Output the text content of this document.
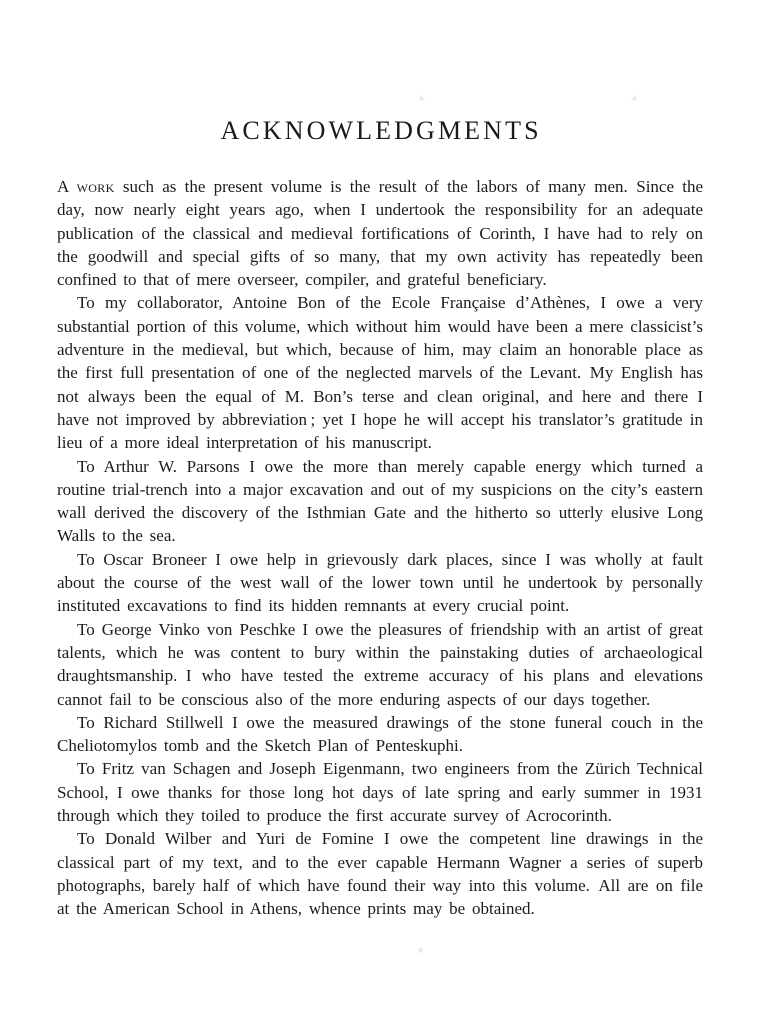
ACKNOWLEDGMENTS

A work such as the present volume is the result of the labors of many men. Since the day, now nearly eight years ago, when I undertook the responsibility for an adequate publication of the classical and medieval fortifications of Corinth, I have had to rely on the goodwill and special gifts of so many, that my own activity has repeatedly been confined to that of mere overseer, compiler, and grateful beneficiary.

To my collaborator, Antoine Bon of the Ecole Française d’Athènes, I owe a very substantial portion of this volume, which without him would have been a mere classicist’s adventure in the medieval, but which, because of him, may claim an honorable place as the first full presentation of one of the neglected marvels of the Levant. My English has not always been the equal of M. Bon’s terse and clean original, and here and there I have not improved by abbreviation ; yet I hope he will accept his translator’s gratitude in lieu of a more ideal interpretation of his manuscript.

To Arthur W. Parsons I owe the more than merely capable energy which turned a routine trial-trench into a major excavation and out of my suspicions on the city’s eastern wall derived the discovery of the Isthmian Gate and the hitherto so utterly elusive Long Walls to the sea.

To Oscar Broneer I owe help in grievously dark places, since I was wholly at fault about the course of the west wall of the lower town until he undertook by personally instituted excavations to find its hidden remnants at every crucial point.

To George Vinko von Peschke I owe the pleasures of friendship with an artist of great talents, which he was content to bury within the painstaking duties of archaeological draughtsmanship. I who have tested the extreme accuracy of his plans and elevations cannot fail to be conscious also of the more enduring aspects of our days together.

To Richard Stillwell I owe the measured drawings of the stone funeral couch in the Cheliotomylos tomb and the Sketch Plan of Penteskuphi.

To Fritz van Schagen and Joseph Eigenmann, two engineers from the Zürich Technical School, I owe thanks for those long hot days of late spring and early summer in 1931 through which they toiled to produce the first accurate survey of Acrocorinth.

To Donald Wilber and Yuri de Fomine I owe the competent line drawings in the classical part of my text, and to the ever capable Hermann Wagner a series of superb photographs, barely half of which have found their way into this volume. All are on file at the American School in Athens, whence prints may be obtained.
